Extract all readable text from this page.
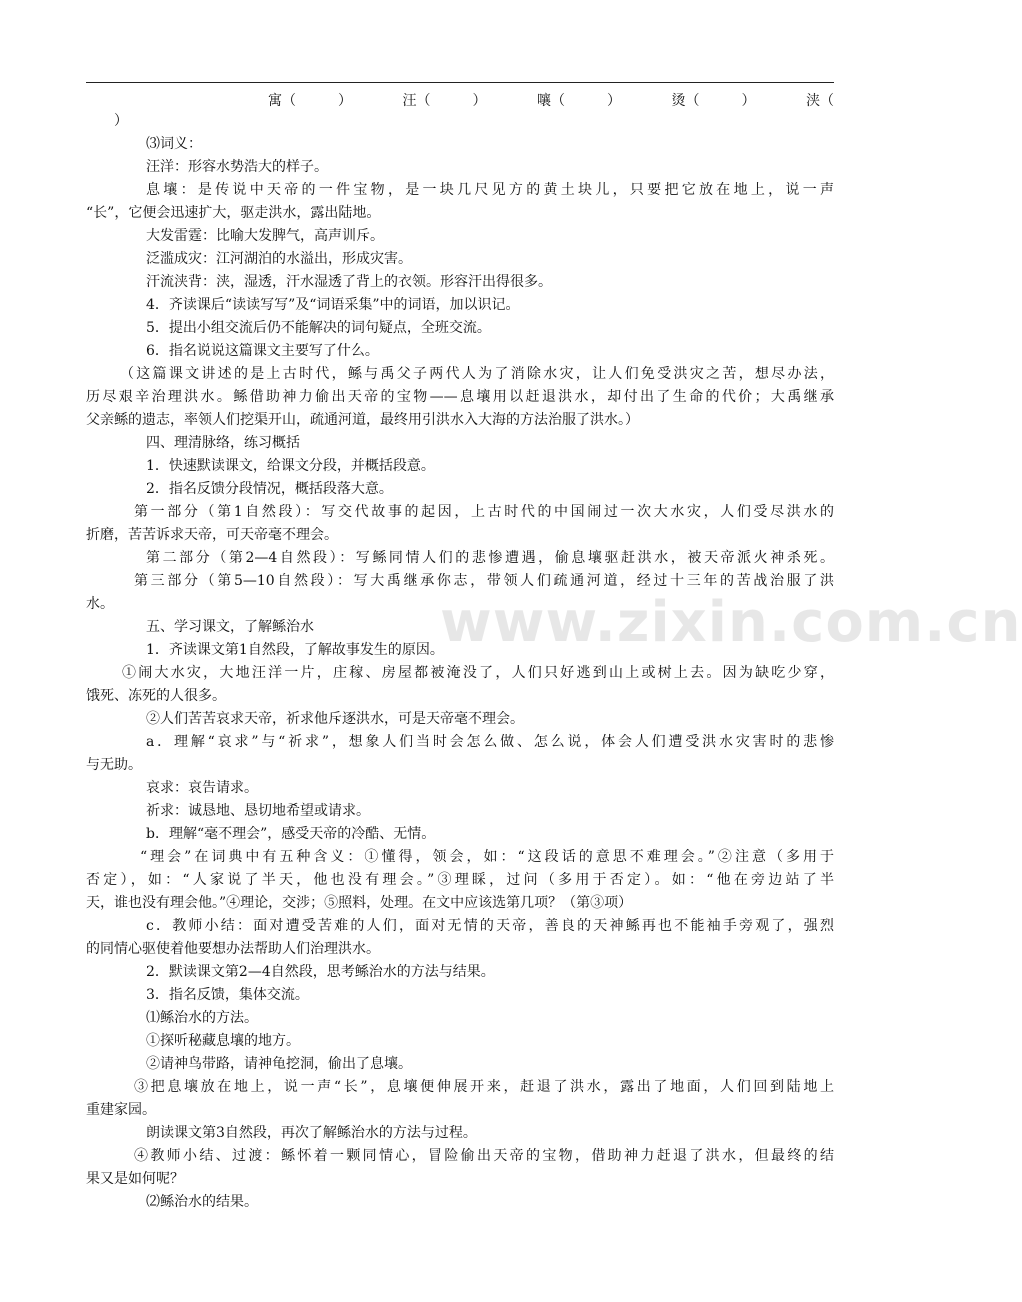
www.zixin.com.cn
寓（　　　）	汪（　　　）	嚷（　　　）	烫（　　　）	浃（
）
⑶词义：
汪洋：形容水势浩大的样子。
息壤：是传说中天帝的一件宝物，是一块几尺见方的黄土块儿，只要把它放在地上，说一声
“长”，它便会迅速扩大，驱走洪水，露出陆地。
大发雷霆：比喻大发脾气，高声训斥。
泛滥成灾：江河湖泊的水溢出，形成灾害。
汗流浃背：浃，湿透，汗水湿透了背上的衣领。形容汗出得很多。
4．齐读课后“读读写写”及“词语采集”中的词语，加以识记。
5．提出小组交流后仍不能解决的词句疑点，全班交流。
6．指名说说这篇课文主要写了什么。
（这篇课文讲述的是上古时代，鲧与禹父子两代人为了消除水灾，让人们免受洪灾之苦，想尽办法，
历尽艰辛治理洪水。鲧借助神力偷出天帝的宝物——息壤用以赶退洪水，却付出了生命的代价；大禹继承
父亲鲧的遗志，率领人们挖渠开山，疏通河道，最终用引洪水入大海的方法治服了洪水。）
四、理清脉络，练习概括
1．快速默读课文，给课文分段，并概括段意。
2．指名反馈分段情况，概括段落大意。
第一部分（第1自然段）：写交代故事的起因，上古时代的中国闹过一次大水灾，人们受尽洪水的
折磨，苦苦诉求天帝，可天帝毫不理会。
第二部分（第2—4自然段）：写鲧同情人们的悲惨遭遇，偷息壤驱赶洪水，被天帝派火神杀死。
第三部分（第5—10自然段）：写大禹继承你志，带领人们疏通河道，经过十三年的苦战治服了洪
水。
五、学习课文，了解鲧治水
1．齐读课文第1自然段，了解故事发生的原因。
①闹大水灾，大地汪洋一片，庄稼、房屋都被淹没了，人们只好逃到山上或树上去。因为缺吃少穿，
饿死、冻死的人很多。
②人们苦苦哀求天帝，祈求他斥逐洪水，可是天帝毫不理会。
a．理解“哀求”与“祈求”，想象人们当时会怎么做、怎么说，体会人们遭受洪水灾害时的悲惨
与无助。
哀求：哀告请求。
祈求：诚恳地、恳切地希望或请求。
b．理解“毫不理会”，感受天帝的冷酷、无情。
“理会”在词典中有五种含义：①懂得，领会，如：“这段话的意思不难理会。”②注意（多用于
否定），如：“人家说了半天，他也没有理会。”③理睬，过问（多用于否定）。如：“他在旁边站了半
天，谁也没有理会他。”④理论，交涉；⑤照料，处理。在文中应该选第几项？（第③项）
c．教师小结：面对遭受苦难的人们，面对无情的天帝，善良的天神鲧再也不能袖手旁观了，强烈
的同情心驱使着他要想办法帮助人们治理洪水。
2．默读课文第2—4自然段，思考鲧治水的方法与结果。
3．指名反馈，集体交流。
⑴鲧治水的方法。
①探听秘藏息壤的地方。
②请神鸟带路，请神龟挖洞，偷出了息壤。
③把息壤放在地上，说一声“长”，息壤便伸展开来，赶退了洪水，露出了地面，人们回到陆地上
重建家园。
朗读课文第3自然段，再次了解鲧治水的方法与过程。
④教师小结、过渡：鲧怀着一颗同情心，冒险偷出天帝的宝物，借助神力赶退了洪水，但最终的结
果又是如何呢？
⑵鲧治水的结果。
